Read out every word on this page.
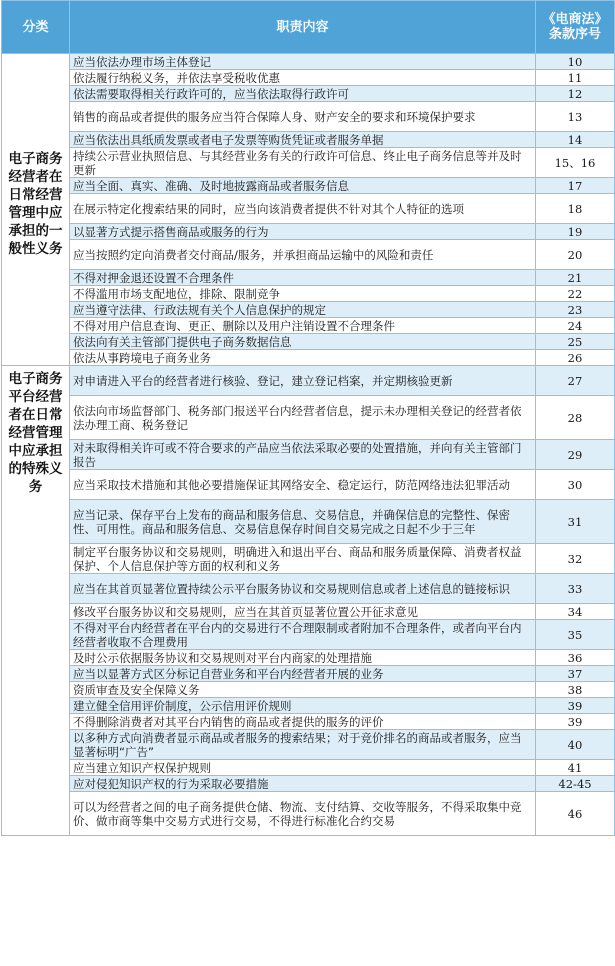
分类	职责内容	《电商法》条款序号
电子商务经营者在日常经营管理中应承担的一般性义务	应当依法办理市场主体登记	10
	依法履行纳税义务，并依法享受税收优惠	11
	依法需要取得相关行政许可的，应当依法取得行政许可	12
	销售的商品或者提供的服务应当符合保障人身、财产安全的要求和环境保护要求	13
	应当依法出具纸质发票或者电子发票等购货凭证或者服务单据	14
	持续公示营业执照信息、与其经营业务有关的行政许可信息、终止电子商务信息等并及时更新	15、16
	应当全面、真实、准确、及时地披露商品或者服务信息	17
	在展示特定化搜索结果的同时，应当向该消费者提供不针对其个人特征的选项	18
	以显著方式提示搭售商品或服务的行为	19
	应当按照约定向消费者交付商品/服务，并承担商品运输中的风险和责任	20
	不得对押金退还设置不合理条件	21
	不得滥用市场支配地位，排除、限制竞争	22
	应当遵守法律、行政法规有关个人信息保护的规定	23
	不得对用户信息查询、更正、删除以及用户注销设置不合理条件	24
	依法向有关主管部门提供电子商务数据信息	25
	依法从事跨境电子商务业务	26
电子商务平台经营者在日常经营管理中应承担的特殊义务	对申请进入平台的经营者进行核验、登记，建立登记档案，并定期核验更新	27
	依法向市场监督部门、税务部门报送平台内经营者信息，提示未办理相关登记的经营者依法办理工商、税务登记	28
	对未取得相关许可或不符合要求的产品应当依法采取必要的处置措施，并向有关主管部门报告	29
	应当采取技术措施和其他必要措施保证其网络安全、稳定运行，防范网络违法犯罪活动	30
	应当记录、保存平台上发布的商品和服务信息、交易信息，并确保信息的完整性、保密性、可用性。商品和服务信息、交易信息保存时间自交易完成之日起不少于三年	31
	制定平台服务协议和交易规则，明确进入和退出平台、商品和服务质量保障、消费者权益保护、个人信息保护等方面的权利和义务	32
	应当在其首页显著位置持续公示平台服务协议和交易规则信息或者上述信息的链接标识	33
	修改平台服务协议和交易规则，应当在其首页显著位置公开征求意见	34
	不得对平台内经营者在平台内的交易进行不合理限制或者附加不合理条件，或者向平台内经营者收取不合理费用	35
	及时公示依据服务协议和交易规则对平台内商家的处理措施	36
	应当以显著方式区分标记自营业务和平台内经营者开展的业务	37
	资质审查及安全保障义务	38
	建立健全信用评价制度，公示信用评价规则	39
	不得删除消费者对其平台内销售的商品或者提供的服务的评价	39
	以多种方式向消费者显示商品或者服务的搜索结果；对于竞价排名的商品或者服务，应当显著标明“广告”	40
	应当建立知识产权保护规则	41
	应对侵犯知识产权的行为采取必要措施	42-45
	可以为经营者之间的电子商务提供仓储、物流、支付结算、交收等服务，不得采取集中竞价、做市商等集中交易方式进行交易，不得进行标准化合约交易	46
